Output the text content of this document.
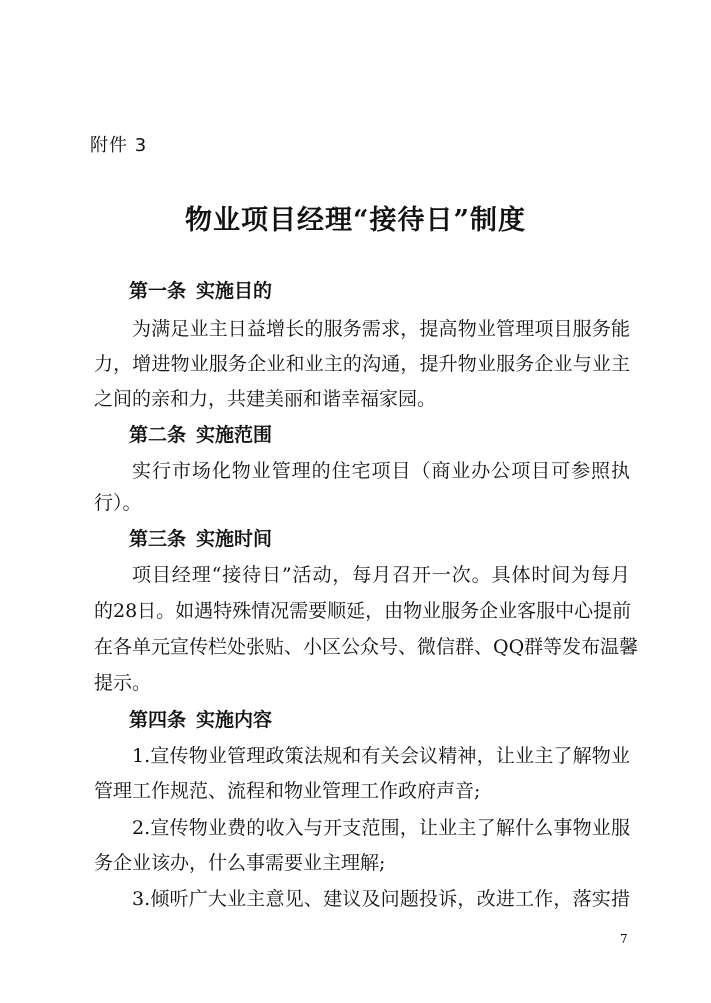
附件 3
物业项目经理“接待日”制度
第一条 实施目的
为满足业主日益增长的服务需求，提高物业管理项目服务能
力，增进物业服务企业和业主的沟通，提升物业服务企业与业主
之间的亲和力，共建美丽和谐幸福家园。
第二条 实施范围
实行市场化物业管理的住宅项目（商业办公项目可参照执
行）。
第三条 实施时间
项目经理“接待日”活动，每月召开一次。具体时间为每月
的28日。如遇特殊情况需要顺延，由物业服务企业客服中心提前
在各单元宣传栏处张贴、小区公众号、微信群、QQ群等发布温馨
提示。
第四条 实施内容
1.宣传物业管理政策法规和有关会议精神，让业主了解物业
管理工作规范、流程和物业管理工作政府声音;
2.宣传物业费的收入与开支范围，让业主了解什么事物业服
务企业该办，什么事需要业主理解;
3.倾听广大业主意见、建议及问题投诉，改进工作，落实措
7
